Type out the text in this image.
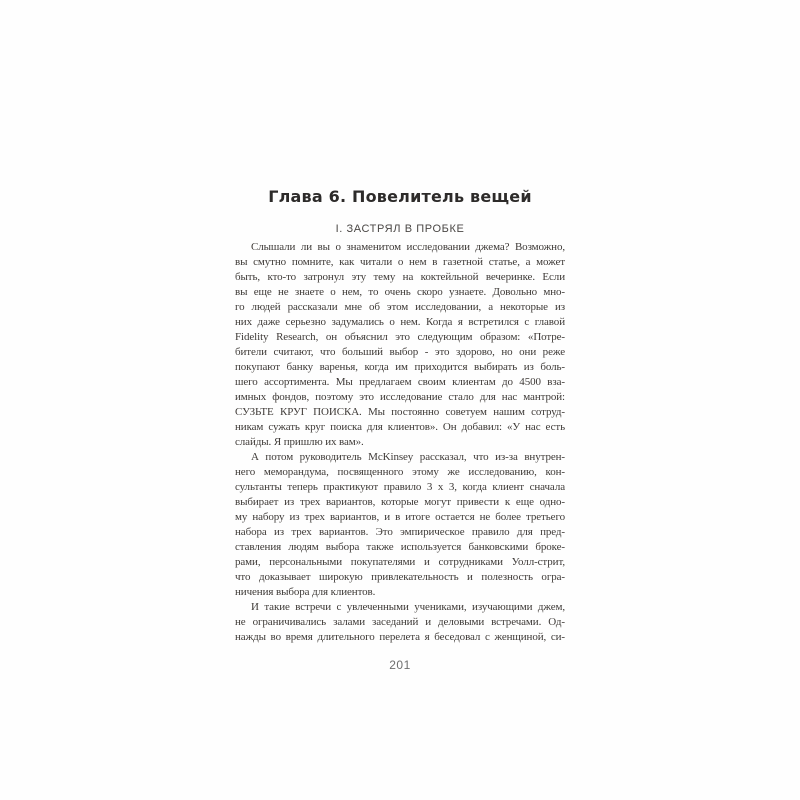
Глава 6. Повелитель вещей
I. ЗАСТРЯЛ В ПРОБКЕ
Слышали ли вы о знаменитом исследовании джема? Возможно,
вы смутно помните, как читали о нем в газетной статье, а может
быть, кто-то затронул эту тему на коктейльной вечеринке. Если
вы еще не знаете о нем, то очень скоро узнаете. Довольно мно-
го людей рассказали мне об этом исследовании, а некоторые из
них даже серьезно задумались о нем. Когда я встретился с главой
Fidelity Research, он объяснил это следующим образом: «Потре-
бители считают, что больший выбор - это здорово, но они реже
покупают банку варенья, когда им приходится выбирать из боль-
шего ассортимента. Мы предлагаем своим клиентам до 4500 вза-
имных фондов, поэтому это исследование стало для нас мантрой:
СУЗЬТЕ КРУГ ПОИСКА. Мы постоянно советуем нашим сотруд-
никам сужать круг поиска для клиентов». Он добавил: «У нас есть
слайды. Я пришлю их вам».
А потом руководитель McKinsey рассказал, что из-за внутрен-
него меморандума, посвященного этому же исследованию, кон-
сультанты теперь практикуют правило 3 х 3, когда клиент сначала
выбирает из трех вариантов, которые могут привести к еще одно-
му набору из трех вариантов, и в итоге остается не более третьего
набора из трех вариантов. Это эмпирическое правило для пред-
ставления людям выбора также используется банковскими броке-
рами, персональными покупателями и сотрудниками Уолл-стрит,
что доказывает широкую привлекательность и полезность огра-
ничения выбора для клиентов.
И такие встречи с увлеченными учениками, изучающими джем,
не ограничивались залами заседаний и деловыми встречами. Од-
нажды во время длительного перелета я беседовал с женщиной, си-
201
